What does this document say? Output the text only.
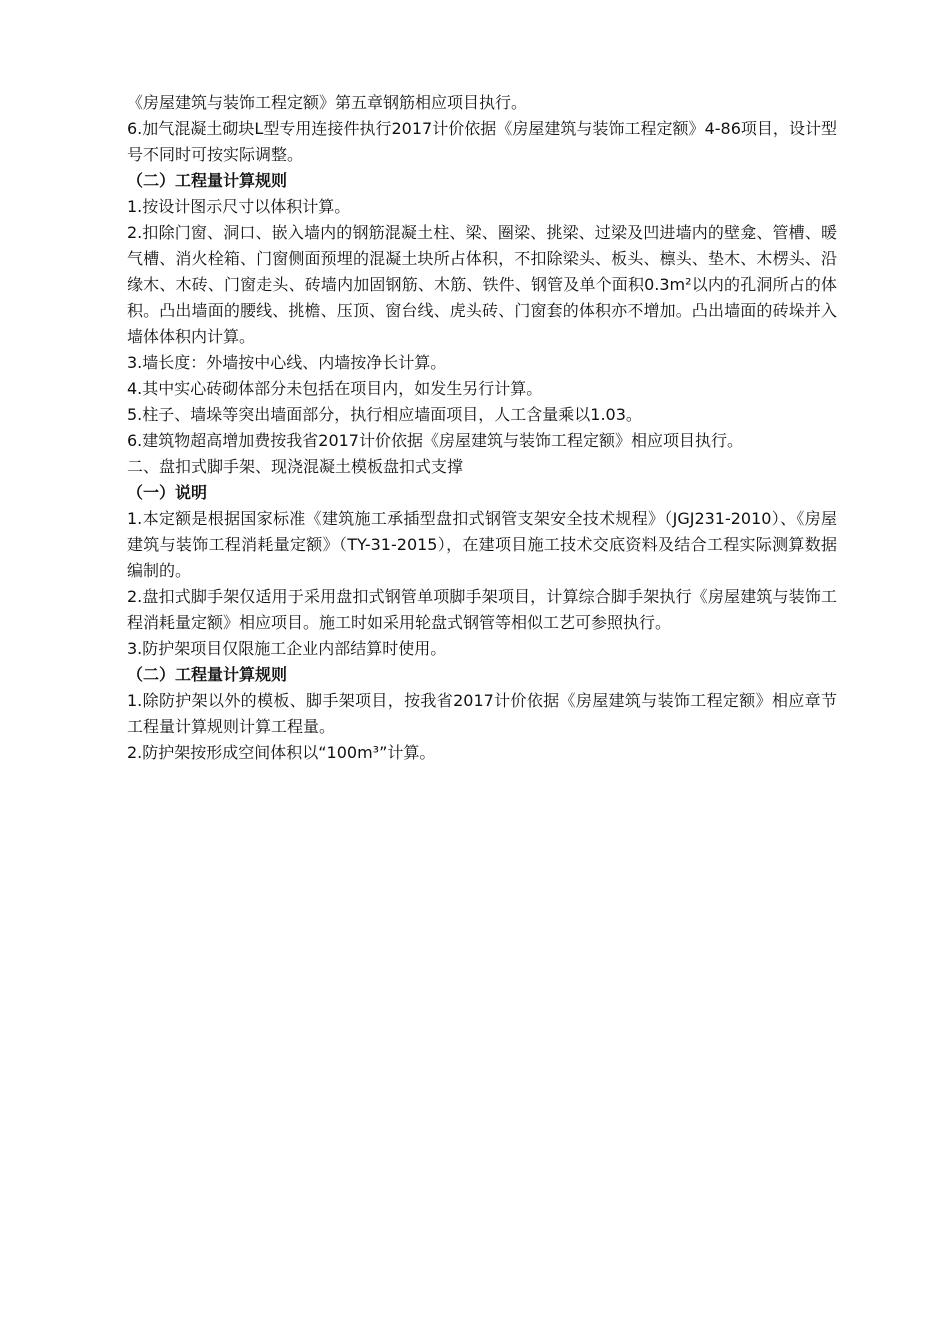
《房屋建筑与装饰工程定额》第五章钢筋相应项目执行。

6.加气混凝土砌块L型专用连接件执行2017计价依据《房屋建筑与装饰工程定额》4-86项目，设计型号不同时可按实际调整。

（二）工程量计算规则

1.按设计图示尺寸以体积计算。

2.扣除门窗、洞口、嵌入墙内的钢筋混凝土柱、梁、圈梁、挑梁、过梁及凹进墙内的壁龛、管槽、暖气槽、消火栓箱、门窗侧面预埋的混凝土块所占体积，不扣除梁头、板头、檩头、垫木、木楞头、沿缘木、木砖、门窗走头、砖墙内加固钢筋、木筋、铁件、钢管及单个面积0.3m²以内的孔洞所占的体积。凸出墙面的腰线、挑檐、压顶、窗台线、虎头砖、门窗套的体积亦不增加。凸出墙面的砖垛并入墙体体积内计算。

3.墙长度：外墙按中心线、内墙按净长计算。

4.其中实心砖砌体部分未包括在项目内，如发生另行计算。

5.柱子、墙垛等突出墙面部分，执行相应墙面项目，人工含量乘以1.03。

6.建筑物超高增加费按我省2017计价依据《房屋建筑与装饰工程定额》相应项目执行。

二、盘扣式脚手架、现浇混凝土模板盘扣式支撑

（一）说明

1.本定额是根据国家标准《建筑施工承插型盘扣式钢管支架安全技术规程》（JGJ231-2010）、《房屋建筑与装饰工程消耗量定额》（TY-31-2015），在建项目施工技术交底资料及结合工程实际测算数据编制的。

2.盘扣式脚手架仅适用于采用盘扣式钢管单项脚手架项目，计算综合脚手架执行《房屋建筑与装饰工程消耗量定额》相应项目。施工时如采用轮盘式钢管等相似工艺可参照执行。

3.防护架项目仅限施工企业内部结算时使用。

（二）工程量计算规则

1.除防护架以外的模板、脚手架项目，按我省2017计价依据《房屋建筑与装饰工程定额》相应章节工程量计算规则计算工程量。

2.防护架按形成空间体积以“100m³”计算。
